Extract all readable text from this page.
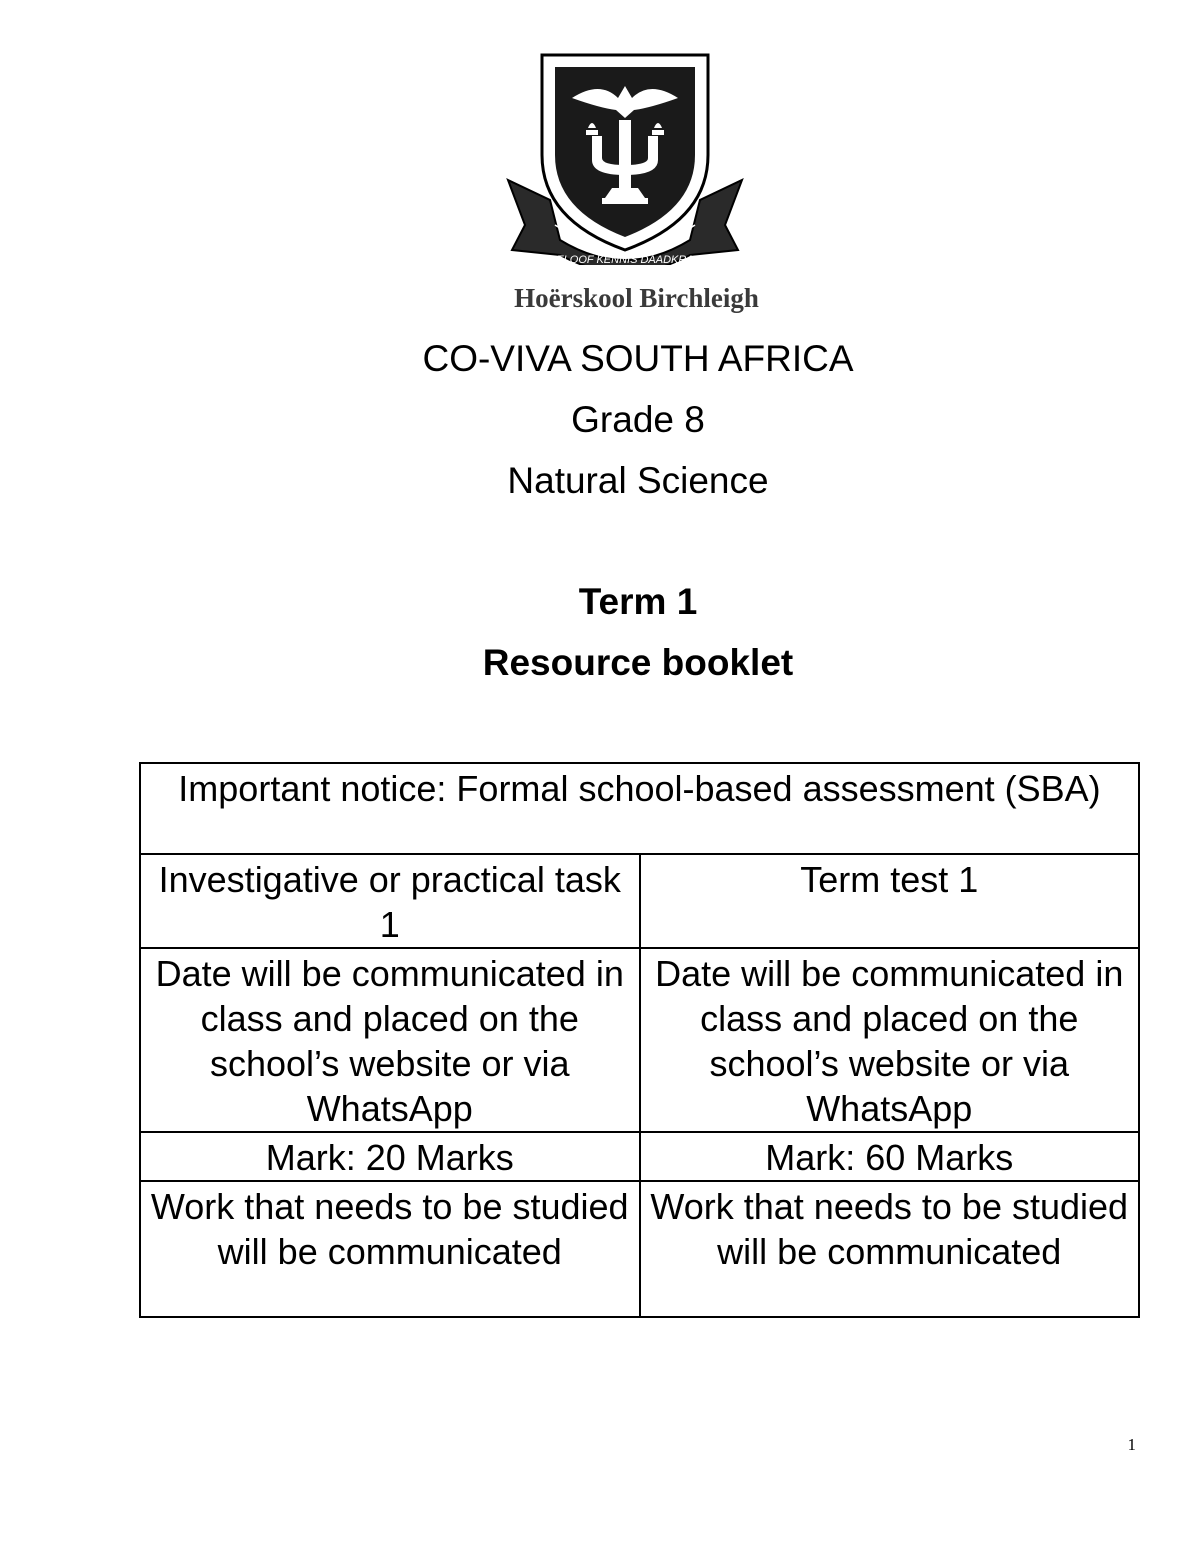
GELOOF KENNIS DAADKRAG
Hoërskool Birchleigh
CO-VIVA SOUTH AFRICA
Grade 8
Natural Science
Term 1
Resource booklet
Important notice: Formal school-based assessment (SBA)	
Investigative or practical task 1	Term test 1
Date will be communicated in class and placed on the school’s website or via WhatsApp	Date will be communicated in class and placed on the school’s website or via WhatsApp
Mark: 20 Marks	Mark: 60 Marks
Work that needs to be studied will be communicated	Work that needs to be studied will be communicated
1
